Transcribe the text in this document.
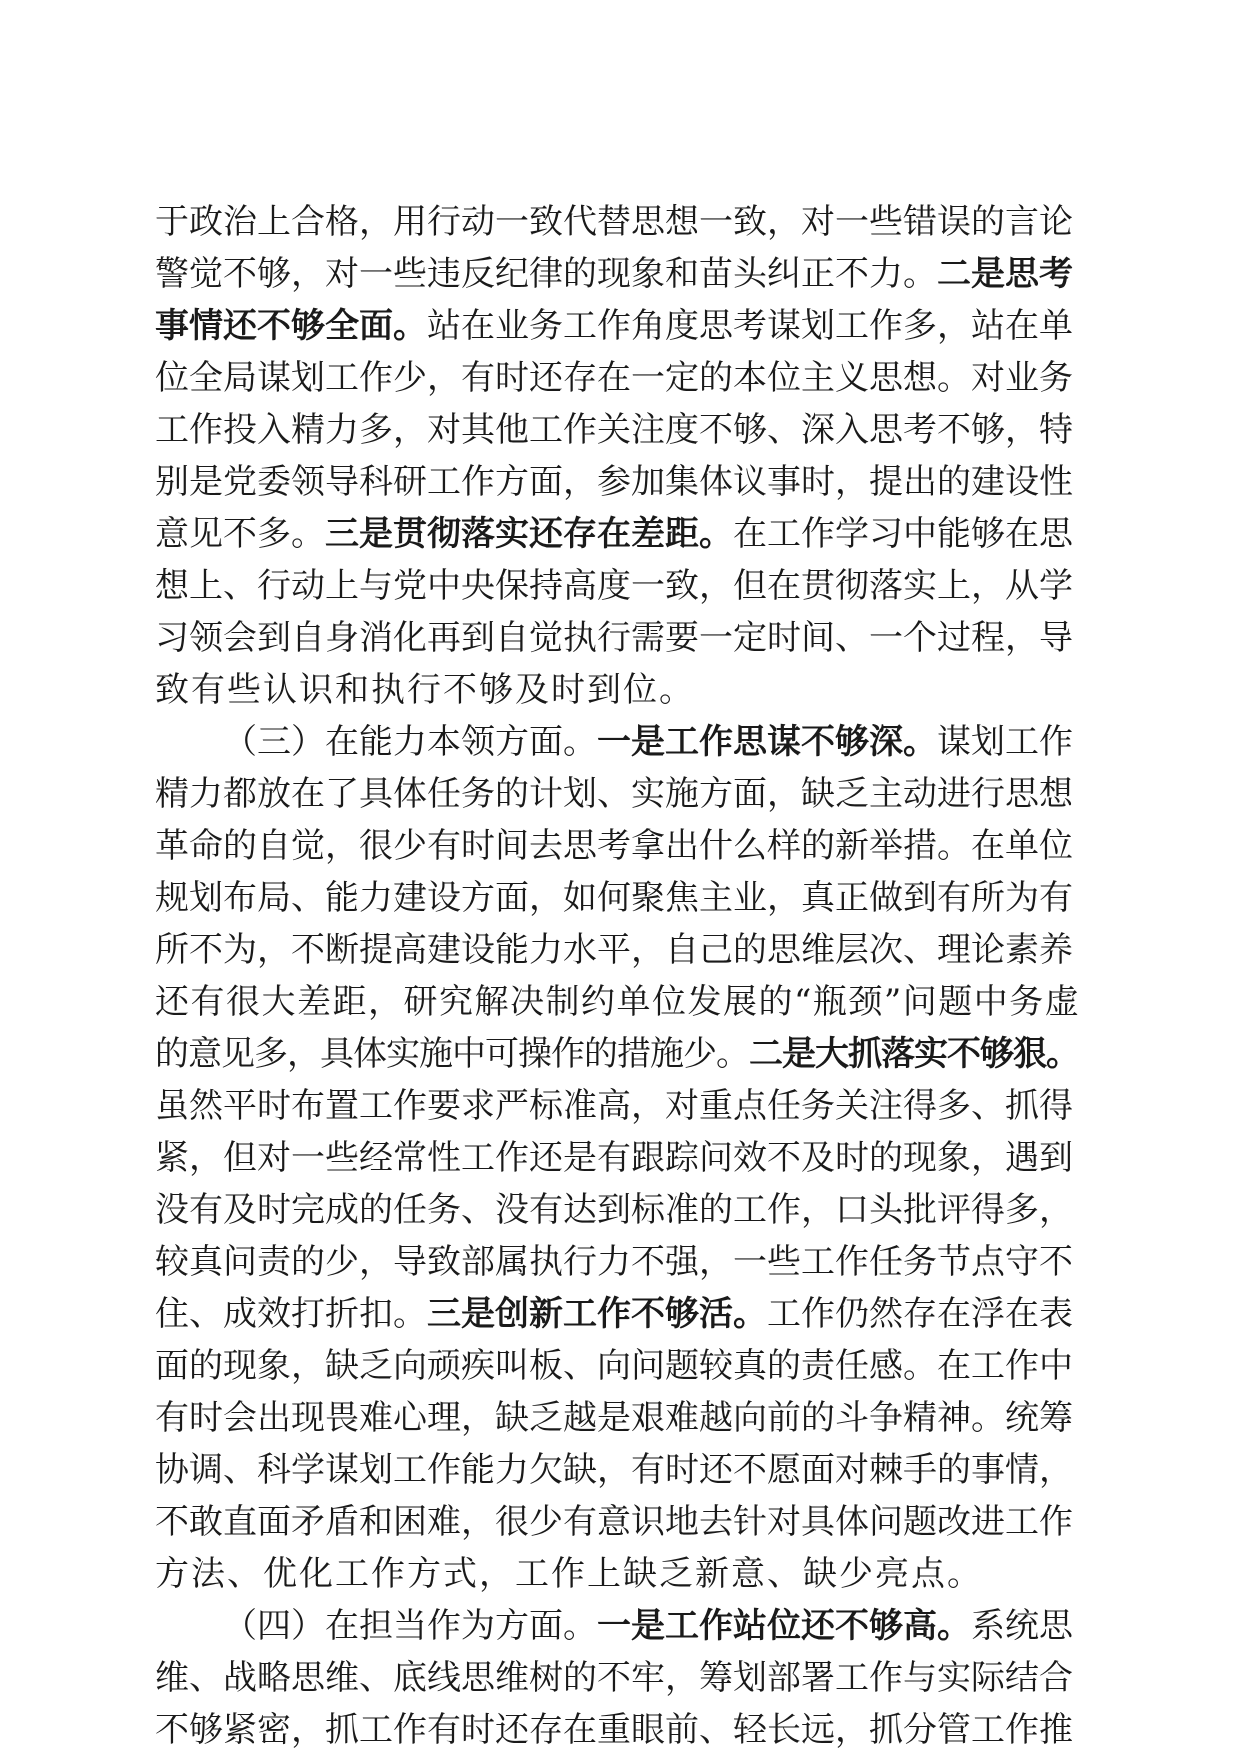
于政治上合格，用行动一致代替思想一致，对一些错误的言论
警觉不够，对一些违反纪律的现象和苗头纠正不力。二是思考
事情还不够全面。站在业务工作角度思考谋划工作多，站在单
位全局谋划工作少，有时还存在一定的本位主义思想。对业务
工作投入精力多，对其他工作关注度不够、深入思考不够，特
别是党委领导科研工作方面，参加集体议事时，提出的建设性
意见不多。三是贯彻落实还存在差距。在工作学习中能够在思
想上、行动上与党中央保持高度一致，但在贯彻落实上，从学
习领会到自身消化再到自觉执行需要一定时间、一个过程，导
致有些认识和执行不够及时到位。
（三）在能力本领方面。一是工作思谋不够深。谋划工作
精力都放在了具体任务的计划、实施方面，缺乏主动进行思想
革命的自觉，很少有时间去思考拿出什么样的新举措。在单位
规划布局、能力建设方面，如何聚焦主业，真正做到有所为有
所不为，不断提高建设能力水平，自己的思维层次、理论素养
还有很大差距，研究解决制约单位发展的“瓶颈”问题中务虚
的意见多，具体实施中可操作的措施少。二是大抓落实不够狠。
虽然平时布置工作要求严标准高，对重点任务关注得多、抓得
紧，但对一些经常性工作还是有跟踪问效不及时的现象，遇到
没有及时完成的任务、没有达到标准的工作，口头批评得多，
较真问责的少，导致部属执行力不强，一些工作任务节点守不
住、成效打折扣。三是创新工作不够活。工作仍然存在浮在表
面的现象，缺乏向顽疾叫板、向问题较真的责任感。在工作中
有时会出现畏难心理，缺乏越是艰难越向前的斗争精神。统筹
协调、科学谋划工作能力欠缺，有时还不愿面对棘手的事情，
不敢直面矛盾和困难，很少有意识地去针对具体问题改进工作
方法、优化工作方式，工作上缺乏新意、缺少亮点。
（四）在担当作为方面。一是工作站位还不够高。系统思
维、战略思维、底线思维树的不牢，筹划部署工作与实际结合
不够紧密，抓工作有时还存在重眼前、轻长远，抓分管工作推
